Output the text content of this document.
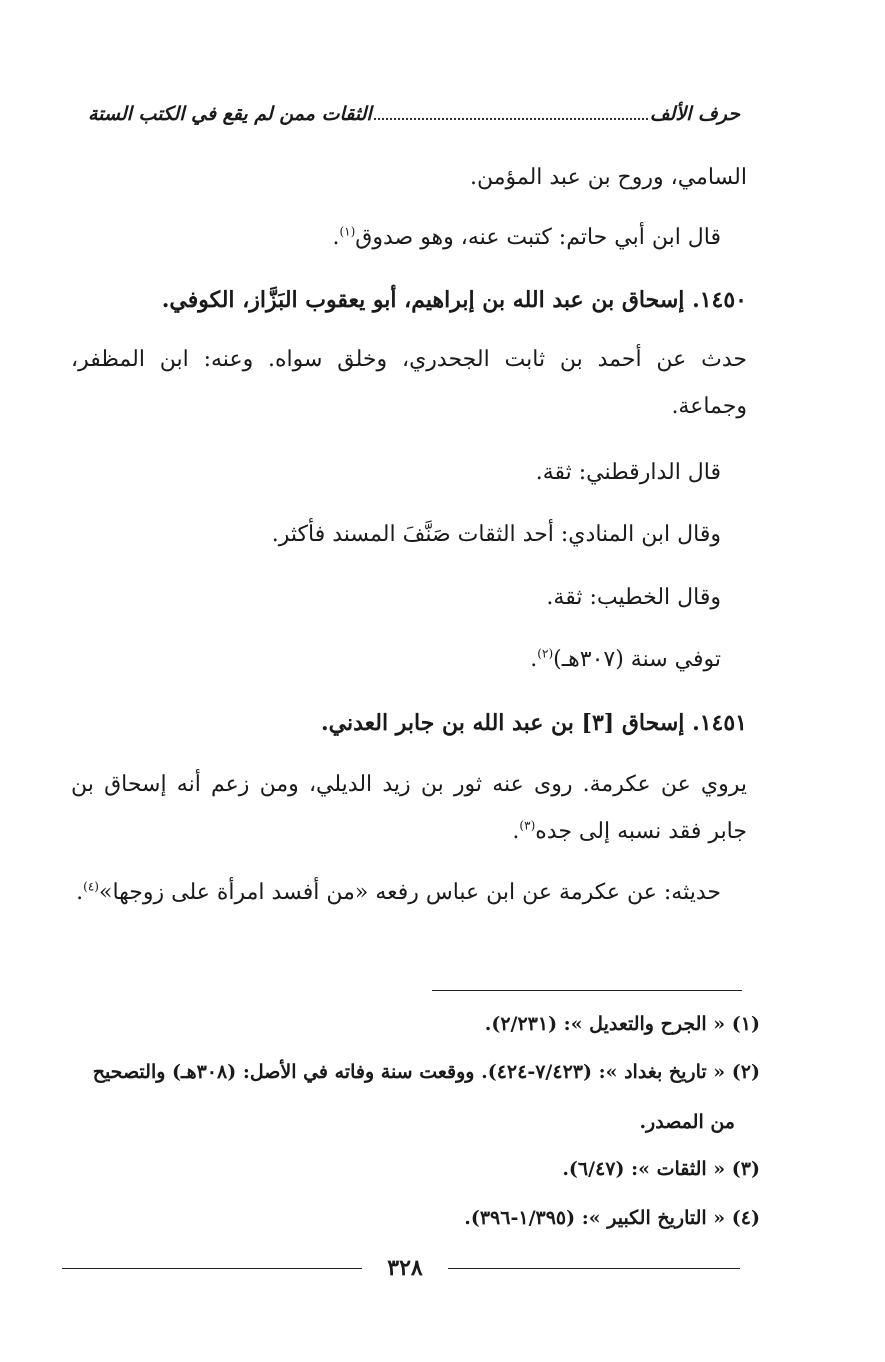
حرف الألف
الثقات ممن لم يقع في الكتب الستة
السامي، وروح بن عبد المؤمن.
قال ابن أبي حاتم: كتبت عنه، وهو صدوق$^{(١)}$.
١٤٥٠. إسحاق بن عبد الله بن إبراهيم، أبو يعقوب البَزَّاز، الكوفي.
حدث عن أحمد بن ثابت الجحدري، وخلق سواه. وعنه: ابن المظفر،
وجماعة.
قال الدارقطني: ثقة.
وقال ابن المنادي: أحد الثقات صَنَّفَ المسند فأكثر.
وقال الخطيب: ثقة.
توفي سنة (٣٠٧هـ)$^{(٢)}$.
١٤٥١. إسحاق [٣] بن عبد الله بن جابر العدني.
يروي عن عكرمة. روى عنه ثور بن زيد الديلي، ومن زعم أنه إسحاق بن
جابر فقد نسبه إلى جده$^{(٣)}$.
حديثه: عن عكرمة عن ابن عباس رفعه «من أفسد امرأة على زوجها»$^{(٤)}$.
(١) « الجرح والتعديل »: (٢/٢٣١).
(٢) « تاريخ بغداد »: (٧/٤٢٣-٤٢٤). ووقعت سنة وفاته في الأصل: (٣٠٨هـ) والتصحيح
من المصدر.
(٣) « الثقات »: (٦/٤٧).
(٤) « التاريخ الكبير »: (١/٣٩٥-٣٩٦).
٣٢٨
